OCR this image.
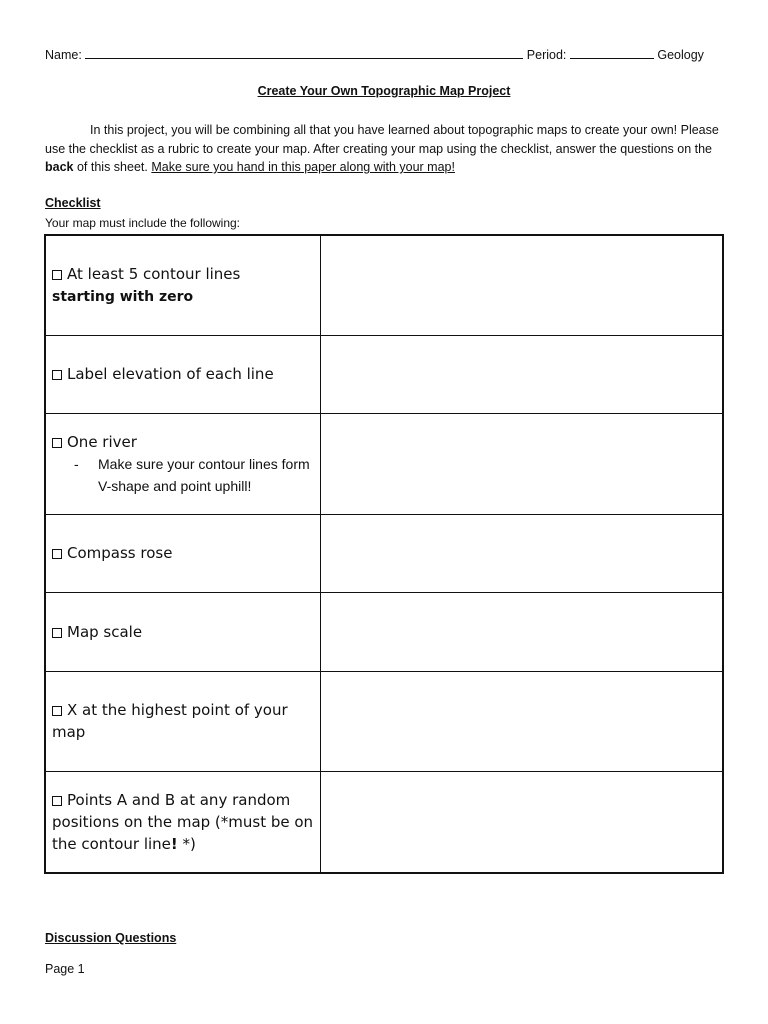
Name:	Period:	Geology
Create Your Own Topographic Map Project
In this project, you will be combining all that you have learned about topographic maps to create your own! Please use the checklist as a rubric to create your map. After creating your map using the checklist, answer the questions on the back of this sheet. Make sure you hand in this paper along with your map!
Checklist
Your map must include the following:
At least 5 contour lines
starting with zero	
Label elevation of each line	
One river
- Make sure your contour lines form V-shape and point uphill!	

Compass rose	
Map scale	
X at the highest point of your map	
Points A and B at any random positions on the map (*must be on the contour line! *)	
Discussion Questions
Page 1
